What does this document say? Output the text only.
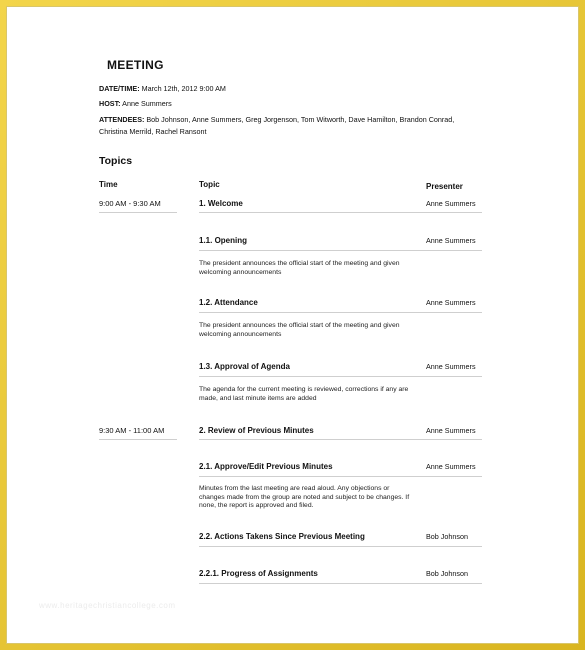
MEETING
DATE/TIME: March 12th, 2012 9:00 AM
HOST: Anne Summers
ATTENDEES: Bob Johnson, Anne Summers, Greg Jorgenson, Tom Witworth, Dave Hamilton, Brandon Conrad, Christina Merrild, Rachel Ransont
Topics
Time	Topic	Presenter
9:00 AM - 9:30 AM	1. Welcome	Anne Summers
1.1. Opening	Anne Summers
The president announces the official start of the meeting and given welcoming announcements
1.2. Attendance	Anne Summers
The president announces the official start of the meeting and given welcoming announcements
1.3. Approval of Agenda	Anne Summers
The agenda for the current meeting is reviewed, corrections if any are made, and last minute items are added
9:30 AM - 11:00 AM	2. Review of Previous Minutes	Anne Summers
2.1. Approve/Edit Previous Minutes	Anne Summers
Minutes from the last meeting are read aloud. Any objections or changes made from the group are noted and subject to be changes. If none, the report is approved and filed.
2.2. Actions Takens Since Previous Meeting	Bob Johnson
2.2.1. Progress of Assignments	Bob Johnson
www.heritagechristiancollege.com
